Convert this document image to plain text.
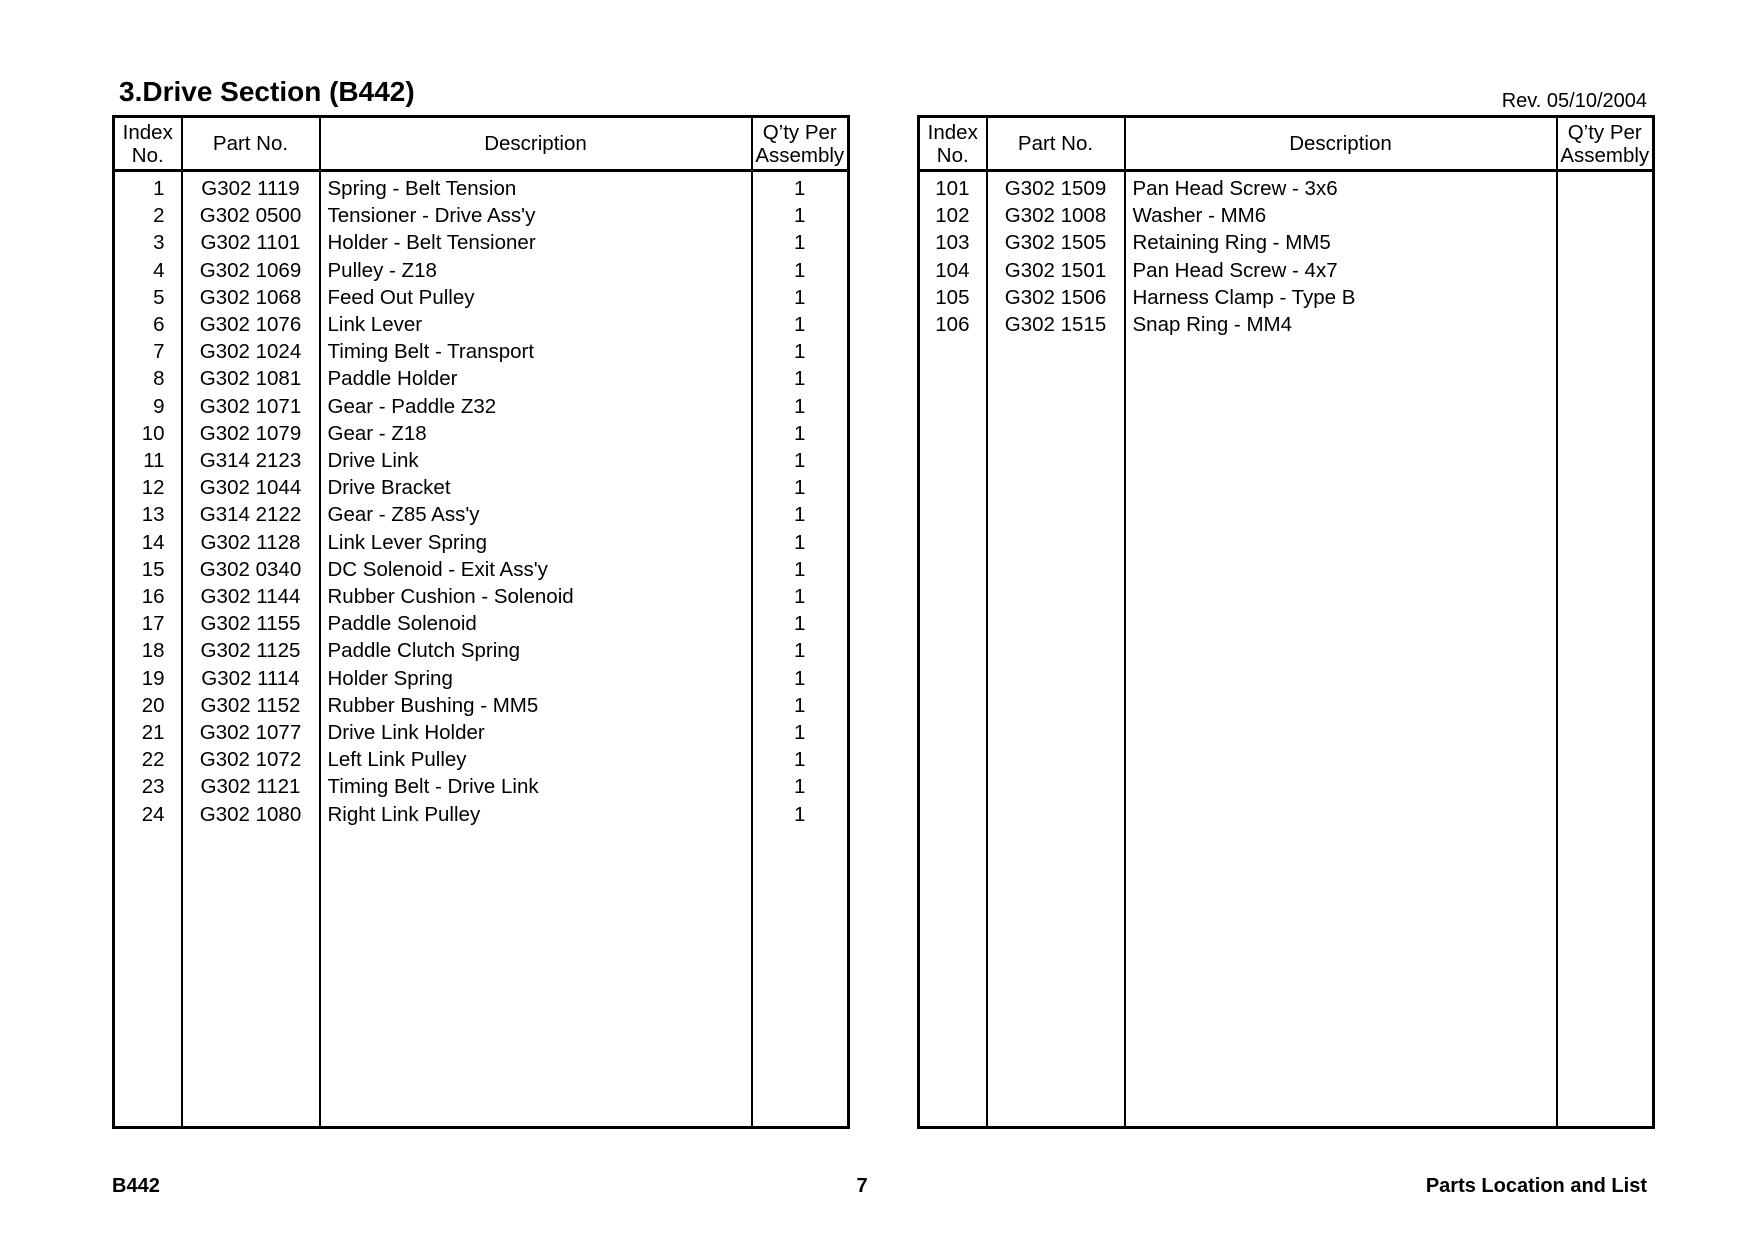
3.Drive Section (B442)	Rev. 05/10/2004
Index
No.	Part No.	Description	Q’ty Per
Assembly
1	G302 1119	Spring - Belt Tension	1
2	G302 0500	Tensioner - Drive Ass'y	1
3	G302 1101	Holder - Belt Tensioner	1
4	G302 1069	Pulley - Z18	1
5	G302 1068	Feed Out Pulley	1
6	G302 1076	Link Lever	1
7	G302 1024	Timing Belt - Transport	1
8	G302 1081	Paddle Holder	1
9	G302 1071	Gear - Paddle Z32	1
10	G302 1079	Gear - Z18	1
11	G314 2123	Drive Link	1
12	G302 1044	Drive Bracket	1
13	G314 2122	Gear - Z85 Ass'y	1
14	G302 1128	Link Lever Spring	1
15	G302 0340	DC Solenoid - Exit Ass'y	1
16	G302 1144	Rubber Cushion - Solenoid	1
17	G302 1155	Paddle Solenoid	1
18	G302 1125	Paddle Clutch Spring	1
19	G302 1114	Holder Spring	1
20	G302 1152	Rubber Bushing - MM5	1
21	G302 1077	Drive Link Holder	1
22	G302 1072	Left Link Pulley	1
23	G302 1121	Timing Belt - Drive Link	1
24	G302 1080	Right Link Pulley	1

Index
No.	Part No.	Description	Q’ty Per
Assembly
101	G302 1509	Pan Head Screw - 3x6	
102	G302 1008	Washer - MM6	
103	G302 1505	Retaining Ring - MM5	
104	G302 1501	Pan Head Screw - 4x7	
105	G302 1506	Harness Clamp - Type B	
106	G302 1515	Snap Ring - MM4	

B442	7	Parts Location and List
